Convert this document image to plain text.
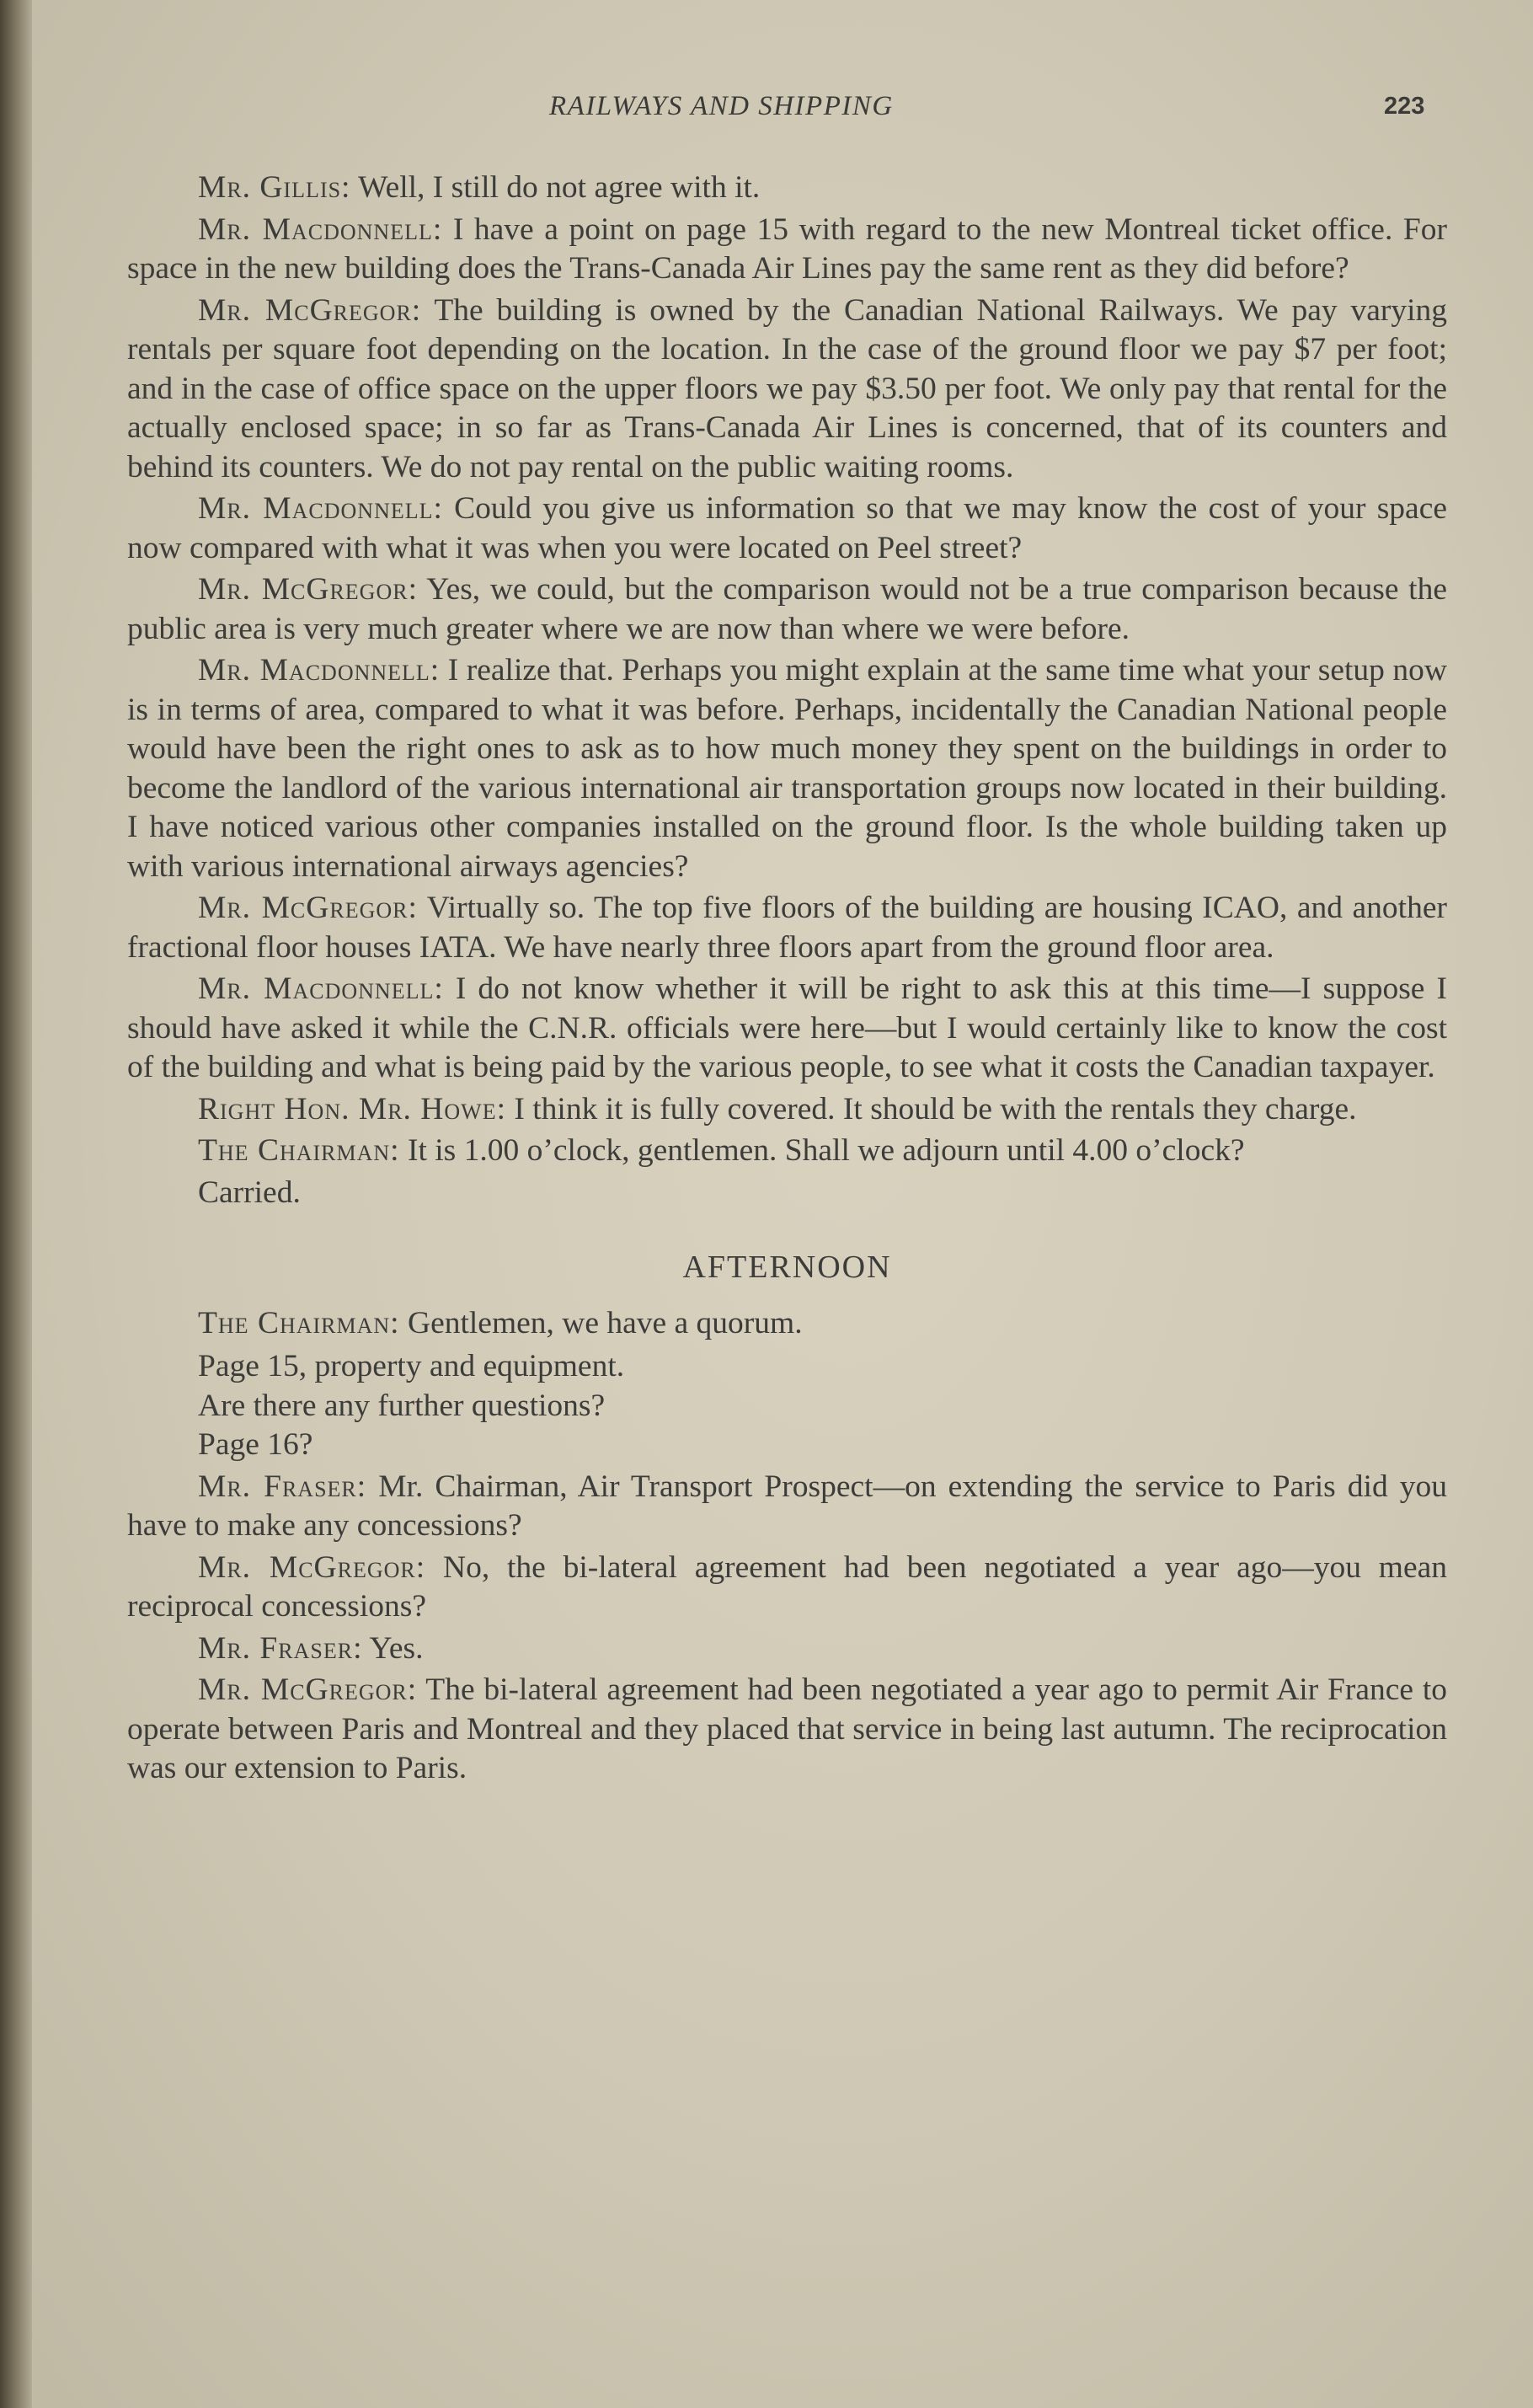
RAILWAYS AND SHIPPING	223

Mr. Gillis: Well, I still do not agree with it.

Mr. Macdonnell: I have a point on page 15 with regard to the new Montreal ticket office. For space in the new building does the Trans-Canada Air Lines pay the same rent as they did before?

Mr. McGregor: The building is owned by the Canadian National Railways. We pay varying rentals per square foot depending on the location. In the case of the ground floor we pay $7 per foot; and in the case of office space on the upper floors we pay $3.50 per foot. We only pay that rental for the actually enclosed space; in so far as Trans-Canada Air Lines is concerned, that of its counters and behind its counters. We do not pay rental on the public waiting rooms.

Mr. Macdonnell: Could you give us information so that we may know the cost of your space now compared with what it was when you were located on Peel street?

Mr. McGregor: Yes, we could, but the comparison would not be a true comparison because the public area is very much greater where we are now than where we were before.

Mr. Macdonnell: I realize that. Perhaps you might explain at the same time what your setup now is in terms of area, compared to what it was before. Perhaps, incidentally the Canadian National people would have been the right ones to ask as to how much money they spent on the buildings in order to become the landlord of the various international air transportation groups now located in their building. I have noticed various other companies installed on the ground floor. Is the whole building taken up with various international airways agencies?

Mr. McGregor: Virtually so. The top five floors of the building are housing ICAO, and another fractional floor houses IATA. We have nearly three floors apart from the ground floor area.

Mr. Macdonnell: I do not know whether it will be right to ask this at this time—I suppose I should have asked it while the C.N.R. officials were here—but I would certainly like to know the cost of the building and what is being paid by the various people, to see what it costs the Canadian taxpayer.

Right Hon. Mr. Howe: I think it is fully covered. It should be with the rentals they charge.

The Chairman: It is 1.00 o’clock, gentlemen. Shall we adjourn until 4.00 o’clock?

Carried.

AFTERNOON

The Chairman: Gentlemen, we have a quorum.

Page 15, property and equipment.

Are there any further questions?

Page 16?

Mr. Fraser: Mr. Chairman, Air Transport Prospect—on extending the service to Paris did you have to make any concessions?

Mr. McGregor: No, the bi-lateral agreement had been negotiated a year ago—you mean reciprocal concessions?

Mr. Fraser: Yes.

Mr. McGregor: The bi-lateral agreement had been negotiated a year ago to permit Air France to operate between Paris and Montreal and they placed that service in being last autumn. The reciprocation was our extension to Paris.
